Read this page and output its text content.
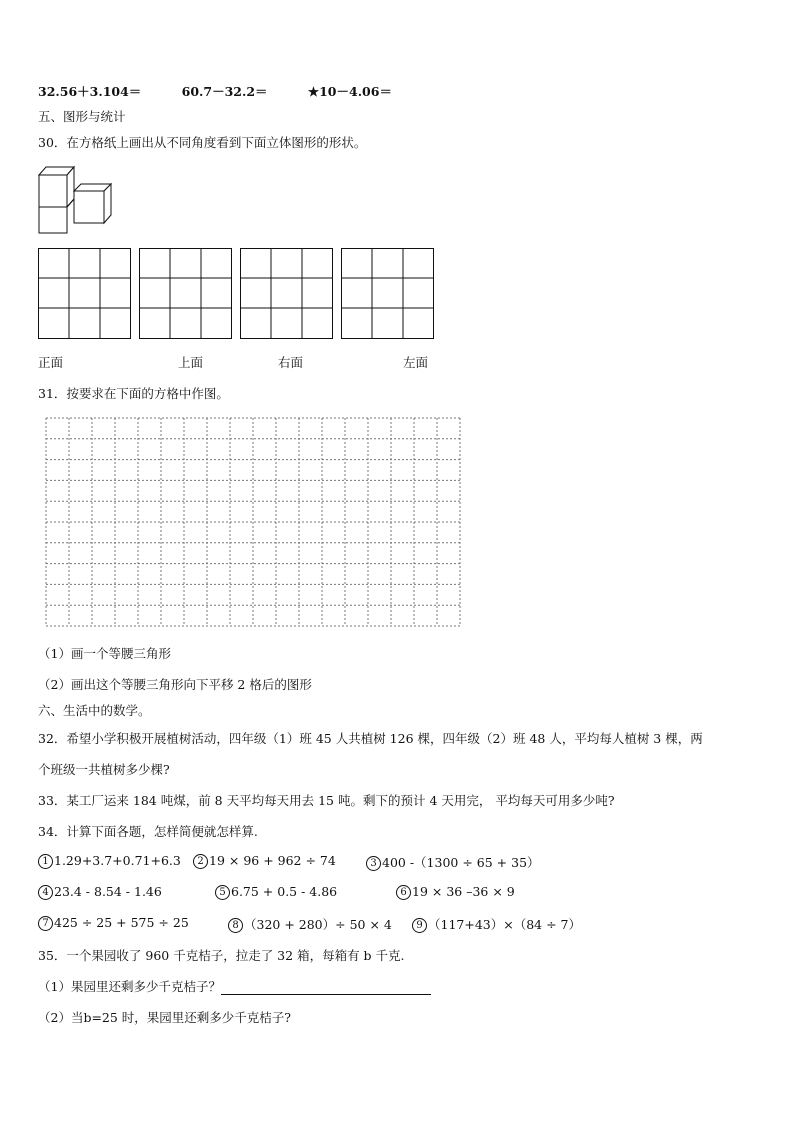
32.56＋3.104＝	60.7－32.2＝	★10－4.06＝
五、图形与统计
30．在方格纸上画出从不同角度看到下面立体图形的形状。
正面	上面	右面	左面
31．按要求在下面的方格中作图。
（1）画一个等腰三角形
（2）画出这个等腰三角形向下平移 2 格后的图形
六、生活中的数学。
32．希望小学积极开展植树活动，四年级（1）班 45 人共植树 126 棵，四年级（2）班 48 人，平均每人植树 3 棵，两
个班级一共植树多少棵?
33．某工厂运来 184 吨煤，前 8 天平均每天用去 15 吨。剩下的预计 4 天用完， 平均每天可用多少吨?
34．计算下面各题，怎样简便就怎样算.
1 1.29+3.7+0.71+6.3	2 19 × 96 + 962 ÷ 74	3 400 -（1300 ÷ 65 + 35）
4 23.4 - 8.54 - 1.46	5 6.75 + 0.5 - 4.86	6 19 × 36 –36 × 9
7 425 ÷ 25 + 575 ÷ 25	8 （320 + 280）÷ 50 × 4	9 （117+43）×（84 ÷ 7）
35．一个果园收了 960 千克桔子，拉走了 32 箱，每箱有 b 千克.
（1）果园里还剩多少千克桔子？
（2）当b=25 时，果园里还剩多少千克桔子?
